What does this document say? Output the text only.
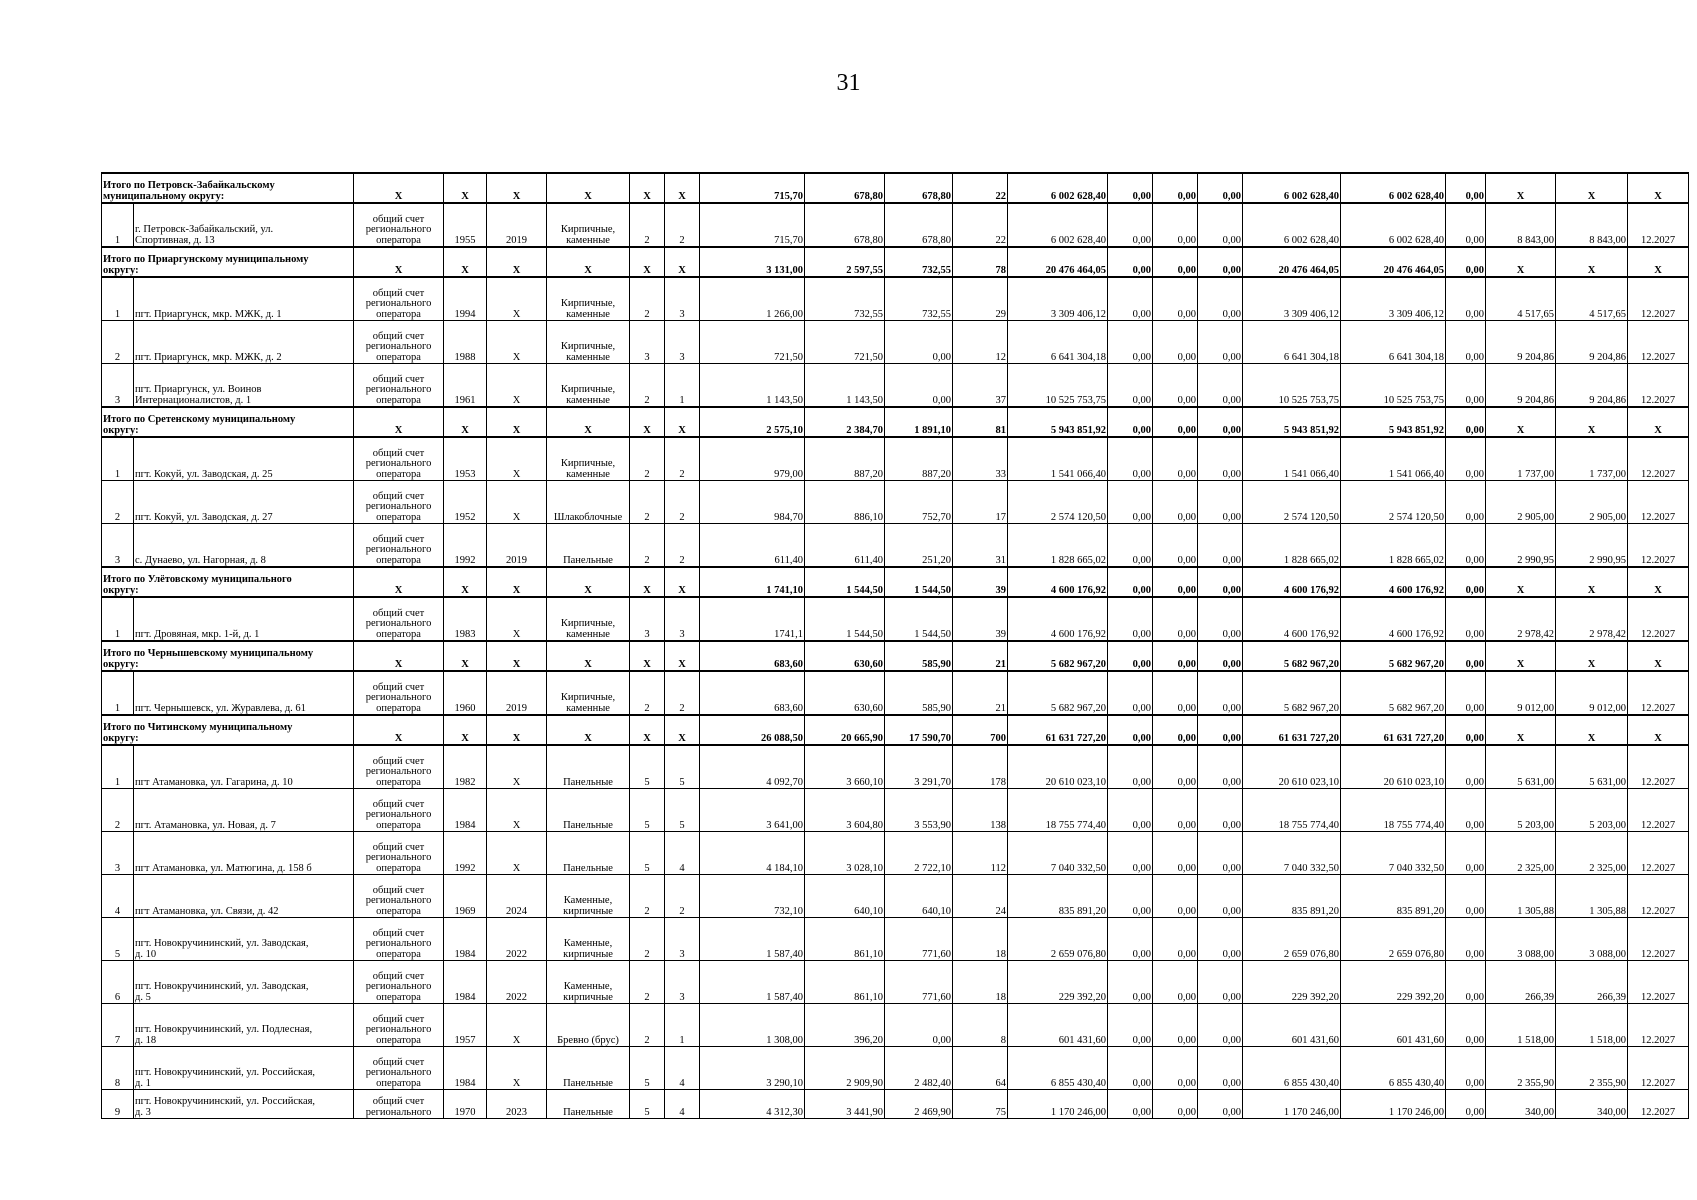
31
Итого по Петровск-Забайкальскому
муниципальному округу:		X	X	X	X	X	X	715,70	678,80	678,80	22	6 002 628,40	0,00	0,00	0,00	6 002 628,40	6 002 628,40	0,00	X	X	X
1	г. Петровск-Забайкальский, ул.
Спортивная, д. 13	общий счет
регионального
оператора	1955	2019	Кирпичные,
каменные	2	2	715,70	678,80	678,80	22	6 002 628,40	0,00	0,00	0,00	6 002 628,40	6 002 628,40	0,00	8 843,00	8 843,00	12.2027

Итого по Приаргунскому муниципальному
округу:		X	X	X	X	X	X	3 131,00	2 597,55	732,55	78	20 476 464,05	0,00	0,00	0,00	20 476 464,05	20 476 464,05	0,00	X	X	X
1	пгт. Приаргунск, мкр. МЖК, д. 1	общий счет
регионального
оператора	1994	X	Кирпичные,
каменные	2	3	1 266,00	732,55	732,55	29	3 309 406,12	0,00	0,00	0,00	3 309 406,12	3 309 406,12	0,00	4 517,65	4 517,65	12.2027
2	пгт. Приаргунск, мкр. МЖК, д. 2	общий счет
регионального
оператора	1988	X	Кирпичные,
каменные	3	3	721,50	721,50	0,00	12	6 641 304,18	0,00	0,00	0,00	6 641 304,18	6 641 304,18	0,00	9 204,86	9 204,86	12.2027
3	пгт. Приаргунск, ул. Воинов
Интернационалистов, д. 1	общий счет
регионального
оператора	1961	X	Кирпичные,
каменные	2	1	1 143,50	1 143,50	0,00	37	10 525 753,75	0,00	0,00	0,00	10 525 753,75	10 525 753,75	0,00	9 204,86	9 204,86	12.2027

Итого по Сретенскому муниципальному
округу:		X	X	X	X	X	X	2 575,10	2 384,70	1 891,10	81	5 943 851,92	0,00	0,00	0,00	5 943 851,92	5 943 851,92	0,00	X	X	X
1	пгт. Кокуй, ул. Заводская, д. 25	общий счет
регионального
оператора	1953	X	Кирпичные,
каменные	2	2	979,00	887,20	887,20	33	1 541 066,40	0,00	0,00	0,00	1 541 066,40	1 541 066,40	0,00	1 737,00	1 737,00	12.2027
2	пгт. Кокуй, ул. Заводская, д. 27	общий счет
регионального
оператора	1952	X	Шлакоблочные	2	2	984,70	886,10	752,70	17	2 574 120,50	0,00	0,00	0,00	2 574 120,50	2 574 120,50	0,00	2 905,00	2 905,00	12.2027
3	с. Дунаево, ул. Нагорная, д. 8	общий счет
регионального
оператора	1992	2019	Панельные	2	2	611,40	611,40	251,20	31	1 828 665,02	0,00	0,00	0,00	1 828 665,02	1 828 665,02	0,00	2 990,95	2 990,95	12.2027

Итого по Улётовскому муниципального
округу:		X	X	X	X	X	X	1 741,10	1 544,50	1 544,50	39	4 600 176,92	0,00	0,00	0,00	4 600 176,92	4 600 176,92	0,00	X	X	X
1	пгт. Дровяная, мкр. 1-й, д. 1	общий счет
регионального
оператора	1983	X	Кирпичные,
каменные	3	3	1741,1	1 544,50	1 544,50	39	4 600 176,92	0,00	0,00	0,00	4 600 176,92	4 600 176,92	0,00	2 978,42	2 978,42	12.2027

Итого по Чернышевскому муниципальному
округу:		X	X	X	X	X	X	683,60	630,60	585,90	21	5 682 967,20	0,00	0,00	0,00	5 682 967,20	5 682 967,20	0,00	X	X	X
1	пгт. Чернышевск, ул. Журавлева, д. 61	общий счет
регионального
оператора	1960	2019	Кирпичные,
каменные	2	2	683,60	630,60	585,90	21	5 682 967,20	0,00	0,00	0,00	5 682 967,20	5 682 967,20	0,00	9 012,00	9 012,00	12.2027

Итого по Читинскому муниципальному
округу:		X	X	X	X	X	X	26 088,50	20 665,90	17 590,70	700	61 631 727,20	0,00	0,00	0,00	61 631 727,20	61 631 727,20	0,00	X	X	X
1	пгт Атамановка, ул. Гагарина, д. 10	общий счет
регионального
оператора	1982	X	Панельные	5	5	4 092,70	3 660,10	3 291,70	178	20 610 023,10	0,00	0,00	0,00	20 610 023,10	20 610 023,10	0,00	5 631,00	5 631,00	12.2027
2	пгт. Атамановка, ул. Новая, д. 7	общий счет
регионального
оператора	1984	X	Панельные	5	5	3 641,00	3 604,80	3 553,90	138	18 755 774,40	0,00	0,00	0,00	18 755 774,40	18 755 774,40	0,00	5 203,00	5 203,00	12.2027
3	пгт Атамановка, ул. Матюгина, д. 158 б	общий счет
регионального
оператора	1992	X	Панельные	5	4	4 184,10	3 028,10	2 722,10	112	7 040 332,50	0,00	0,00	0,00	7 040 332,50	7 040 332,50	0,00	2 325,00	2 325,00	12.2027
4	пгт Атамановка, ул. Связи, д. 42	общий счет
регионального
оператора	1969	2024	Каменные,
кирпичные	2	2	732,10	640,10	640,10	24	835 891,20	0,00	0,00	0,00	835 891,20	835 891,20	0,00	1 305,88	1 305,88	12.2027
5	пгт. Новокручининский, ул. Заводская,
д. 10	общий счет
регионального
оператора	1984	2022	Каменные,
кирпичные	2	3	1 587,40	861,10	771,60	18	2 659 076,80	0,00	0,00	0,00	2 659 076,80	2 659 076,80	0,00	3 088,00	3 088,00	12.2027
6	пгт. Новокручининский, ул. Заводская,
д. 5	общий счет
регионального
оператора	1984	2022	Каменные,
кирпичные	2	3	1 587,40	861,10	771,60	18	229 392,20	0,00	0,00	0,00	229 392,20	229 392,20	0,00	266,39	266,39	12.2027
7	пгт. Новокручининский, ул. Подлесная,
д. 18	общий счет
регионального
оператора	1957	X	Бревно (брус)	2	1	1 308,00	396,20	0,00	8	601 431,60	0,00	0,00	0,00	601 431,60	601 431,60	0,00	1 518,00	1 518,00	12.2027
8	пгт. Новокручининский, ул. Российская,
д. 1	общий счет
регионального
оператора	1984	X	Панельные	5	4	3 290,10	2 909,90	2 482,40	64	6 855 430,40	0,00	0,00	0,00	6 855 430,40	6 855 430,40	0,00	2 355,90	2 355,90	12.2027
9	пгт. Новокручининский, ул. Российская,
д. 3	общий счет
регионального	1970	2023	Панельные	5	4	4 312,30	3 441,90	2 469,90	75	1 170 246,00	0,00	0,00	0,00	1 170 246,00	1 170 246,00	0,00	340,00	340,00	12.2027
